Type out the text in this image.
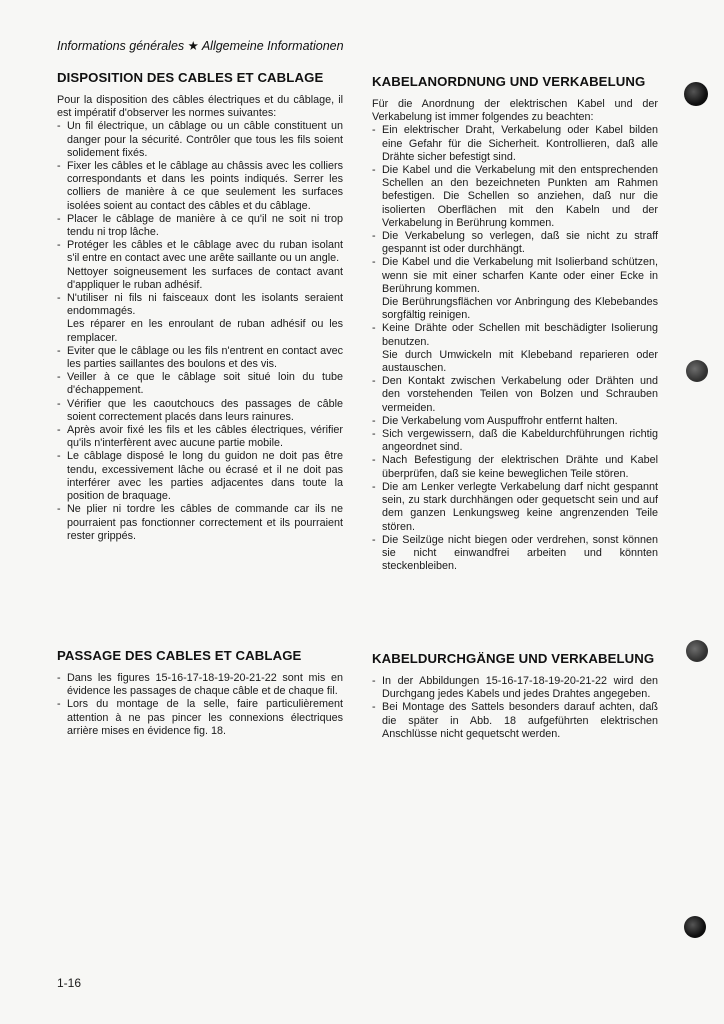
Informations générales ★ Allgemeine Informationen
DISPOSITION DES CABLES ET CABLAGE

Pour la disposition des câbles électriques et du câblage, il est impératif d'observer les normes suivantes:

- Un fil électrique, un câblage ou un câble constituent un danger pour la sécurité. Contrôler que tous les fils soient solidement fixés.
- Fixer les câbles et le câblage au châssis avec les colliers correspondants et dans les points indiqués. Serrer les colliers de manière à ce que seulement les surfaces isolées soient au contact des câbles et du câblage.
- Placer le câblage de manière à ce qu'il ne soit ni trop tendu ni trop lâche.
- Protéger les câbles et le câblage avec du ruban isolant s'il entre en contact avec une arête saillante ou un angle.
Nettoyer soigneusement les surfaces de contact avant d'appliquer le ruban adhésif.
- N'utiliser ni fils ni faisceaux dont les isolants seraient endommagés.
Les réparer en les enroulant de ruban adhésif ou les remplacer.
- Eviter que le câblage ou les fils n'entrent en contact avec les parties saillantes des boulons et des vis.
- Veiller à ce que le câblage soit situé loin du tube d'échappement.
- Vérifier que les caoutchoucs des passages de câble soient correctement placés dans leurs rainures.
- Après avoir fixé les fils et les câbles électriques, vérifier qu'ils n'interfèrent avec aucune partie mobile.
- Le câblage disposé le long du guidon ne doit pas être tendu, excessivement lâche ou écrasé et il ne doit pas interférer avec les parties adjacentes dans toute la position de braquage.
- Ne plier ni tordre les câbles de commande car ils ne pourraient pas fonctionner correctement et ils pourraient rester grippés.
KABELANORDNUNG UND VERKABELUNG

Für die Anordnung der elektrischen Kabel und der Verkabelung ist immer folgendes zu beachten:

- Ein elektrischer Draht, Verkabelung oder Kabel bilden eine Gefahr für die Sicherheit. Kontrollieren, daß alle Drähte sicher befestigt sind.
- Die Kabel und die Verkabelung mit den entsprechenden Schellen an den bezeichneten Punkten am Rahmen befestigen. Die Schellen so anziehen, daß nur die isolierten Oberflächen mit den Kabeln und der Verkabelung in Berührung kommen.
- Die Verkabelung so verlegen, daß sie nicht zu straff gespannt ist oder durchhängt.
- Die Kabel und die Verkabelung mit Isolierband schützen, wenn sie mit einer scharfen Kante oder einer Ecke in Berührung kommen.
Die Berührungsflächen vor Anbringung des Klebebandes sorgfältig reinigen.
- Keine Drähte oder Schellen mit beschädigter Isolierung benutzen.
Sie durch Umwickeln mit Klebeband reparieren oder austauschen.
- Den Kontakt zwischen Verkabelung oder Drähten und den vorstehenden Teilen von Bolzen und Schrauben vermeiden.
- Die Verkabelung vom Auspuffrohr entfernt halten.
- Sich vergewissern, daß die Kabeldurchführungen richtig angeordnet sind.
- Nach Befestigung der elektrischen Drähte und Kabel überprüfen, daß sie keine beweglichen Teile stören.
- Die am Lenker verlegte Verkabelung darf nicht gespannt sein, zu stark durchhängen oder gequetscht sein und auf dem ganzen Lenkungsweg keine angrenzenden Teile stören.
- Die Seilzüge nicht biegen oder verdrehen, sonst können sie nicht einwandfrei arbeiten und könnten steckenbleiben.
PASSAGE DES CABLES ET CABLAGE
- Dans les figures 15-16-17-18-19-20-21-22 sont mis en évidence les passages de chaque câble et de chaque fil.
- Lors du montage de la selle, faire particulièrement attention à ne pas pincer les connexions électriques arrière mises en évidence fig. 18.
KABELDURCHGÄNGE UND VERKABELUNG
- In der Abbildungen 15-16-17-18-19-20-21-22 wird den Durchgang jedes Kabels und jedes Drahtes angegeben.
- Bei Montage des Sattels besonders darauf achten, daß die später in Abb. 18 aufgeführten elektrischen Anschlüsse nicht gequetscht werden.
1-16
